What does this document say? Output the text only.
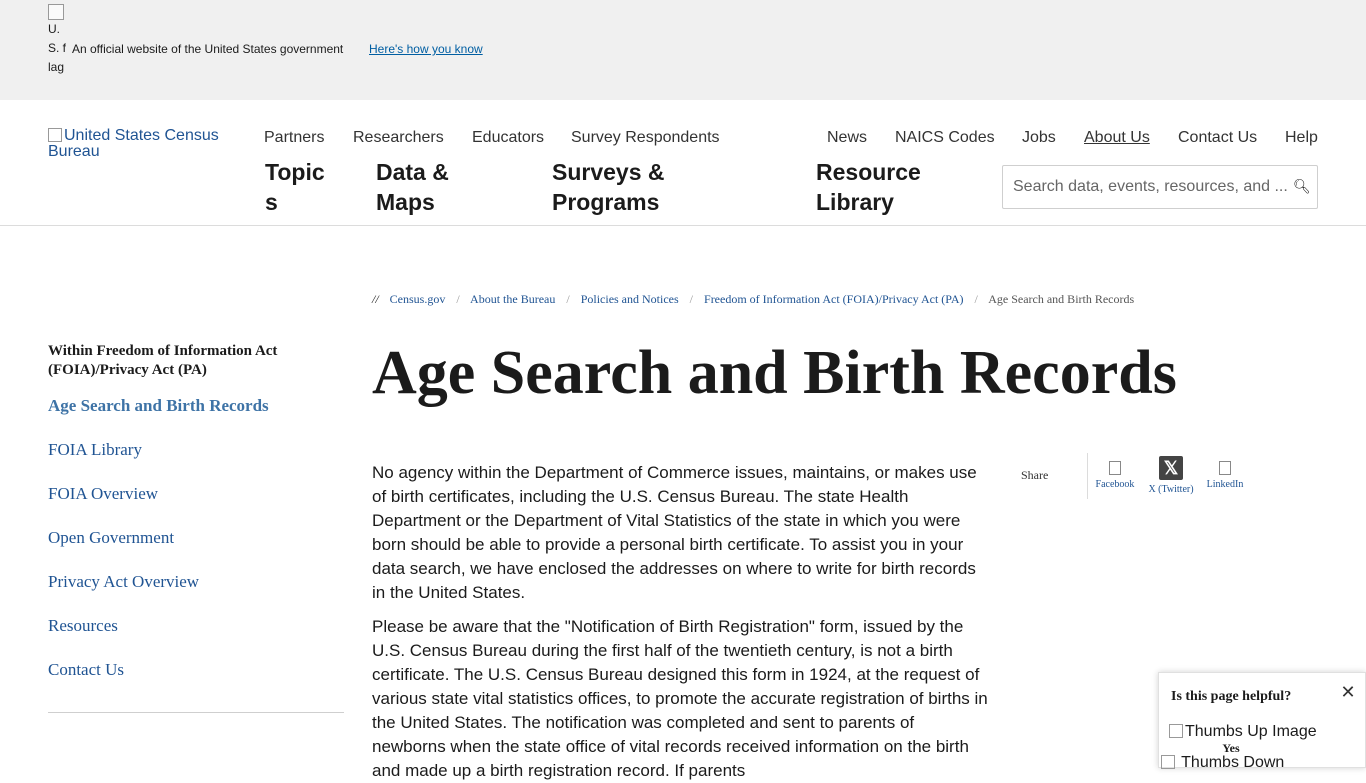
U.S. flag
An official website of the United States government Here's how you know
United States Census Bureau
Partners Researchers Educators Survey Respondents	News NAICS Codes Jobs About Us Contact Us Help
Topic
s
Data &
Maps
Surveys &
Programs
Resource
Library
Search data, events, resources, and ...
🔍︎
// Census.gov / About the Bureau / Policies and Notices / Freedom of Information Act (FOIA)/Privacy Act (PA) / Age Search and Birth Records
Age Search and Birth Records
Within Freedom of Information Act (FOIA)/Privacy Act (PA)
Age Search and Birth Records
FOIA Library
FOIA Overview
Open Government
Privacy Act Overview
Resources
Contact Us

No agency within the Department of Commerce issues, maintains, or makes use of birth certificates, including the U.S. Census Bureau. The state Health Department or the Department of Vital Statistics of the state in which you were born should be able to provide a personal birth certificate. To assist you in your data search, we have enclosed the addresses on where to write for birth records in the United States.

Please be aware that the "Notification of Birth Registration" form, issued by the U.S. Census Bureau during the first half of the twentieth century, is not a birth certificate. The U.S. Census Bureau designed this form in 1924, at the request of various state vital statistics offices, to promote the accurate registration of births in the United States. The notification was completed and sent to parents of newborns when the state office of vital records received information on the birth and made up a birth registration record. If parents

Share
Facebook
𝕏
X (Twitter) LinkedIn
Is this page helpful?	✕
Thumbs Up Image
Yes
Thumbs Down
